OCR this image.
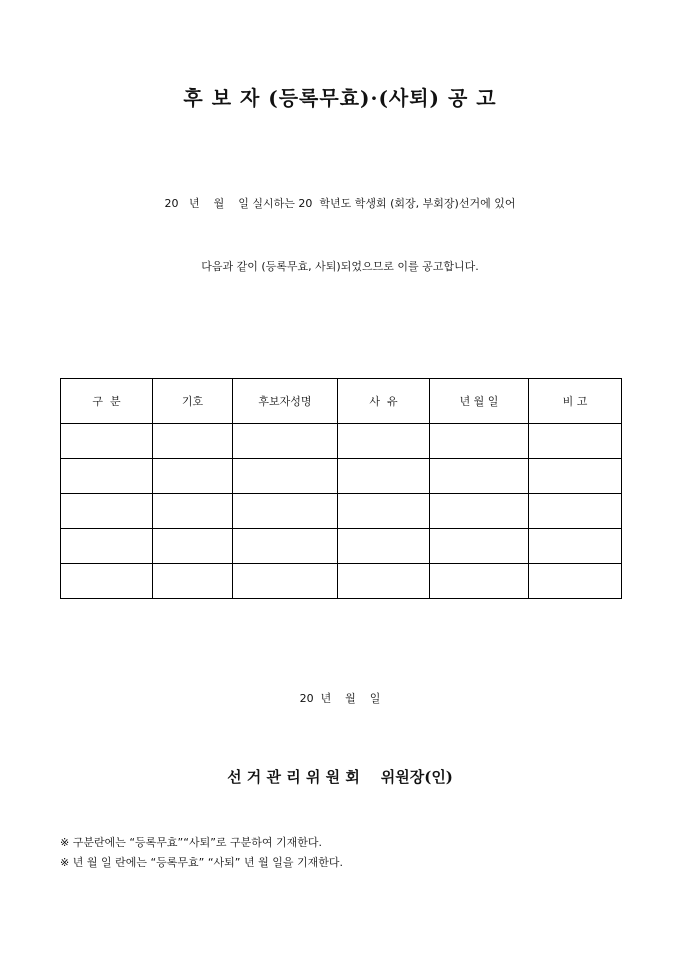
후 보 자 (등록무효)·(사퇴) 공 고
20   년    월    일 실시하는 20  학년도 학생회 (회장, 부회장)선거에 있어
다음과 같이 (등록무효, 사퇴)되었으므로 이를 공고합니다.
구  분	기호	후보자성명	사  유	년 월 일	비 고

20  년    월    일
선 거 관 리 위 원 회    위원장(인)
※ 구분란에는 “등록무효”“사퇴”로 구분하여 기재한다.
※ 년 월 일 란에는 “등록무효” “사퇴” 년 월 일을 기재한다.
